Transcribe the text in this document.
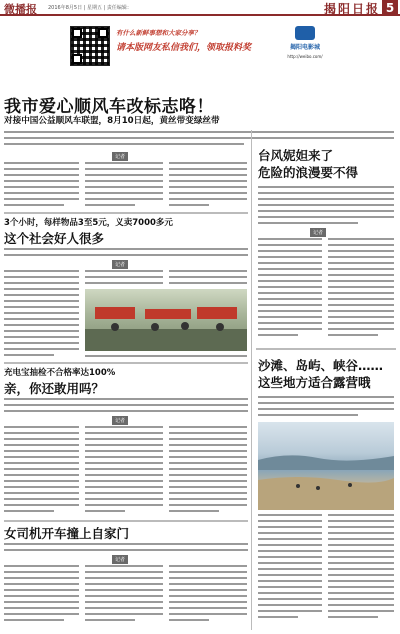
微播报 2016年8月5日 | 星期五 | 责任编辑：	揭阳日报 5
有什么新鲜事想和大家分享？
请本版网友私信我们，领取报料奖	揭阳电影城
http://weibo.com/
我市爱心顺风车改标志咯！
对接中国公益顺风车联盟，8月10日起，黄丝带变绿丝带
记者
3个小时，每样物品3至5元，义卖7000多元
这个社会好人很多
记者
充电宝抽检不合格率达100%
亲，你还敢用吗？
记者
女司机开车撞上自家门
记者
台风妮妲来了
危险的浪漫要不得
记者
沙滩、岛屿、峡谷……
这些地方适合露营哦
